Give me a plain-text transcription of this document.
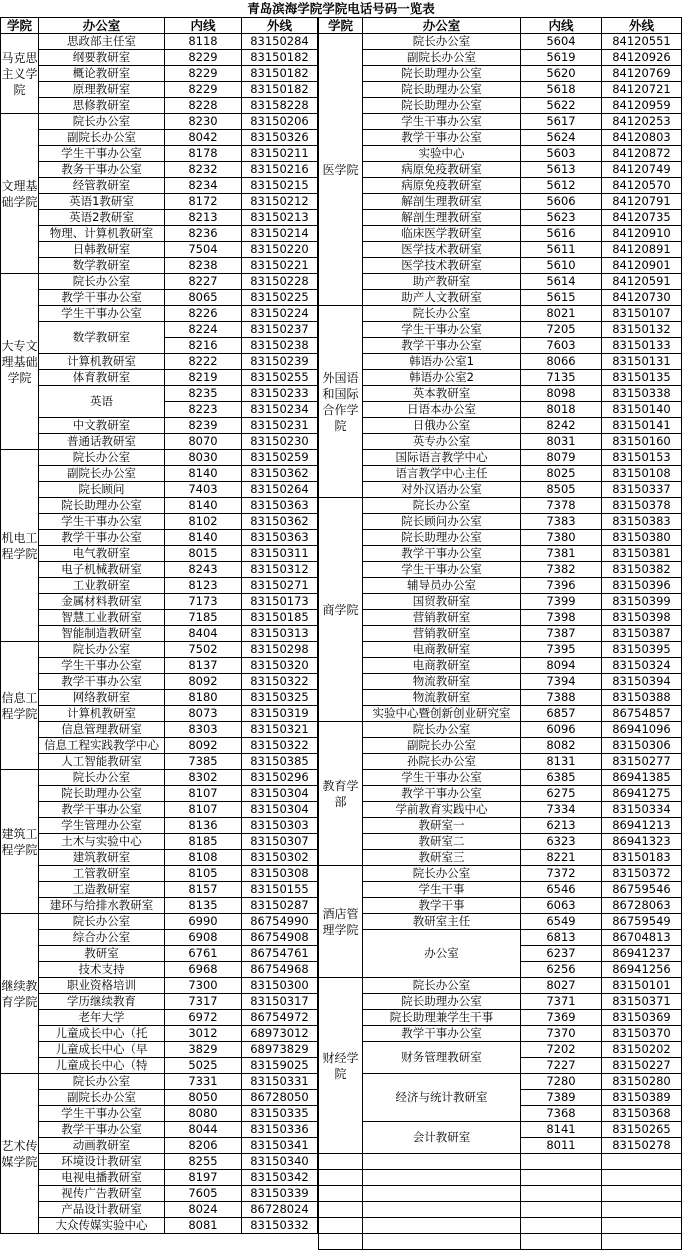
青岛滨海学院学院电话号码一览表
学院	办公室	内线	外线
马克思主义学院	思政部主任室	8118	83150284
	纲要教研室	8229	83150182
	概论教研室	8229	83150182
	原理教研室	8229	83150182
	思修教研室	8228	83158228
文理基础学院	院长办公室	8230	83150206
	副院长办公室	8042	83150326
	学生干事办公室	8178	83150211
	教务干事办公室	8232	83150216
	经管教研室	8234	83150215
	英语1教研室	8172	83150212
	英语2教研室	8213	83150213
	物理、计算机教研室	8236	83150214
	日韩教研室	7504	83150220
	数学教研室	8238	83150221
大专文理基础学院	院长办公室	8227	83150228
	教学干事办公室	8065	83150225
	学生干事办公室	8226	83150224
	数学教研室	8224	83150237
		8216	83150238
	计算机教研室	8222	83150239
	体育教研室	8219	83150255
	英语	8235	83150233
		8223	83150234
	中文教研室	8239	83150231
	普通话教研室	8070	83150230
机电工程学院	院长办公室	8030	83150259
	副院长办公室	8140	83150362
	院长顾问	7403	83150264
	院长助理办公室	8140	83150363
	学生干事办公室	8102	83150362
	教学干事办公室	8140	83150363
	电气教研室	8015	83150311
	电子机械教研室	8243	83150312
	工业教研室	8123	83150271
	金属材料教研室	7173	83150173
	智慧工业教研室	7185	83150185
	智能制造教研室	8404	83150313
信息工程学院	院长办公室	7502	83150298
	学生干事办公室	8137	83150320
	教学干事办公室	8092	83150322
	网络教研室	8180	83150325
	计算机教研室	8073	83150319
	信息管理教研室	8303	83150321
	信息工程实践教学中心	8092	83150322
	人工智能教研室	7385	83150385
建筑工程学院	院长办公室	8302	83150296
	院长助理办公室	8107	83150304
	教学干事办公室	8107	83150304
	学生管理办公室	8136	83150303
	土木与实验中心	8185	83150307
	建筑教研室	8108	83150302
	工管教研室	8105	83150308
	工造教研室	8157	83150155
	建环与给排水教研室	8135	83150287
继续教育学院	院长办公室	6990	86754990
	综合办公室	6908	86754908
	教研室	6761	86754761
	技术支持	6968	86754968
	职业资格培训	7300	83150300
	学历继续教育	7317	83150317
	老年大学	6972	86754972
	儿童成长中心（托	3012	68973012
	儿童成长中心（早	3829	68973829
	儿童成长中心（特	5025	83159025
艺术传媒学院	院长办公室	7331	83150331
	副院长办公室	8050	86728050
	学生干事办公室	8080	83150335
	教学干事办公室	8044	83150336
	动画教研室	8206	83150341
	环境设计教研室	8255	83150340
	电视电播教研室	8197	83150342
	视传广告教研室	7605	83150339
	产品设计教研室	8024	86728024
	大众传媒实验中心	8081	83150332
学院	办公室	内线	外线
医学院	院长办公室	5604	84120551
	副院长办公室	5619	84120926
	院长助理办公室	5620	84120769
	院长助理办公室	5618	84120721
	院长助理办公室	5622	84120959
	学生干事办公室	5617	84120253
	教学干事办公室	5624	84120803
	实验中心	5603	84120872
	病原免疫教研室	5613	84120749
	病原免疫教研室	5612	84120570
	解剖生理教研室	5606	84120791
	解剖生理教研室	5623	84120735
	临床医学教研室	5616	84120910
	医学技术教研室	5611	84120891
	医学技术教研室	5610	84120901
	助产教研室	5614	84120591
	助产人文教研室	5615	84120730
外国语和国际合作学院	院长办公室	8021	83150107
	学生干事办公室	7205	83150132
	教学干事办公室	7603	83150133
	韩语办公室1	8066	83150131
	韩语办公室2	7135	83150135
	英本教研室	8098	83150338
	日语本办公室	8018	83150140
	日俄办公室	8242	83150141
	英专办公室	8031	83150160
	国际语言教学中心	8079	83150153
	语言教学中心主任	8025	83150108
	对外汉语办公室	8505	83150337
商学院	院长办公室	7378	83150378
	院长顾问办公室	7383	83150383
	院长助理办公室	7380	83150380
	教学干事办公室	7381	83150381
	学生干事办公室	7382	83150382
	辅导员办公室	7396	83150396
	国贸教研室	7399	83150399
	营销教研室	7398	83150398
	营销教研室	7387	83150387
	电商教研室	7395	83150395
	电商教研室	8094	83150324
	物流教研室	7394	83150394
	物流教研室	7388	83150388
	实验中心暨创新创业研究室	6857	86754857
教育学部	院长办公室	6096	86941096
	副院长办公室	8082	83150306
	孙院长办公室	8131	83150277
	学生干事办公室	6385	86941385
	教学干事办公室	6275	86941275
	学前教育实践中心	7334	83150334
	教研室一	6213	86941213
	教研室二	6323	86941323
	教研室三	8221	83150183
酒店管理学院	院长办公室	7372	83150372
	学生干事	6546	86759546
	教学干事	6063	86728063
	教研室主任	6549	86759549
	办公室	6813	86704813
		6237	86941237
		6256	86941256
财经学院	院长办公室	8027	83150101
	院长助理办公室	7371	83150371
	院长助理兼学生干事	7369	83150369
	教学干事办公室	7370	83150370
	财务管理教研室	7202	83150202
		7227	83150227
	经济与统计教研室	7280	83150280
		7389	83150389
		7368	83150368
	会计教研室	8141	83150265
		8011	83150278
